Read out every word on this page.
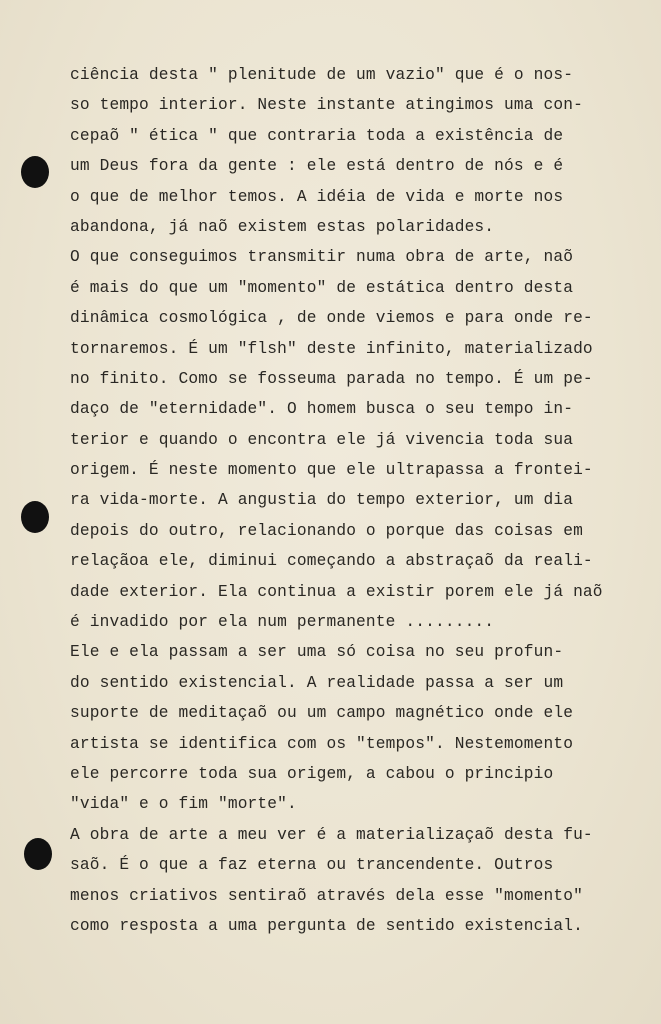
ciência desta " plenitude de um vazio" que é o nos-
so tempo interior. Neste instante atingimos uma con-
cepaõ " ética " que contraria toda a existência de
um Deus fora da gente : ele está dentro de nós e é
o que de melhor temos. A idéia de vida e morte nos
abandona, já naõ existem estas polaridades.
O que conseguimos transmitir numa obra de arte, naõ
é mais do que um "momento" de estática dentro desta
dinâmica cosmológica , de onde viemos e para onde re-
tornaremos. É um "flsh" deste infinito, materializado
no finito. Como se fosseuma parada no tempo. É um pe-
daço de "eternidade". O homem busca o seu tempo in-
terior e quando o encontra ele já vivencia toda sua
origem. É neste momento que ele ultrapassa a frontei-
ra vida-morte. A angustia do tempo exterior, um dia
depois do outro, relacionando o porque das coisas em
relaçãoa ele, diminui começando a abstraçaõ da reali-
dade exterior. Ela continua a existir porem ele já naõ
é invadido por ela num permanente .........
Ele e ela passam a ser uma só coisa no seu profun-
do sentido existencial. A realidade passa a ser um
suporte de meditaçaõ ou um campo magnético onde ele
artista se identifica com os "tempos". Nestemomento
ele percorre toda sua origem, a cabou o principio
"vida" e o fim "morte".
A obra de arte a meu ver é a materializaçaõ desta fu-
saõ. É o que a faz eterna ou trancendente. Outros
menos criativos sentiraõ através dela esse "momento"
como resposta a uma pergunta de sentido existencial.
